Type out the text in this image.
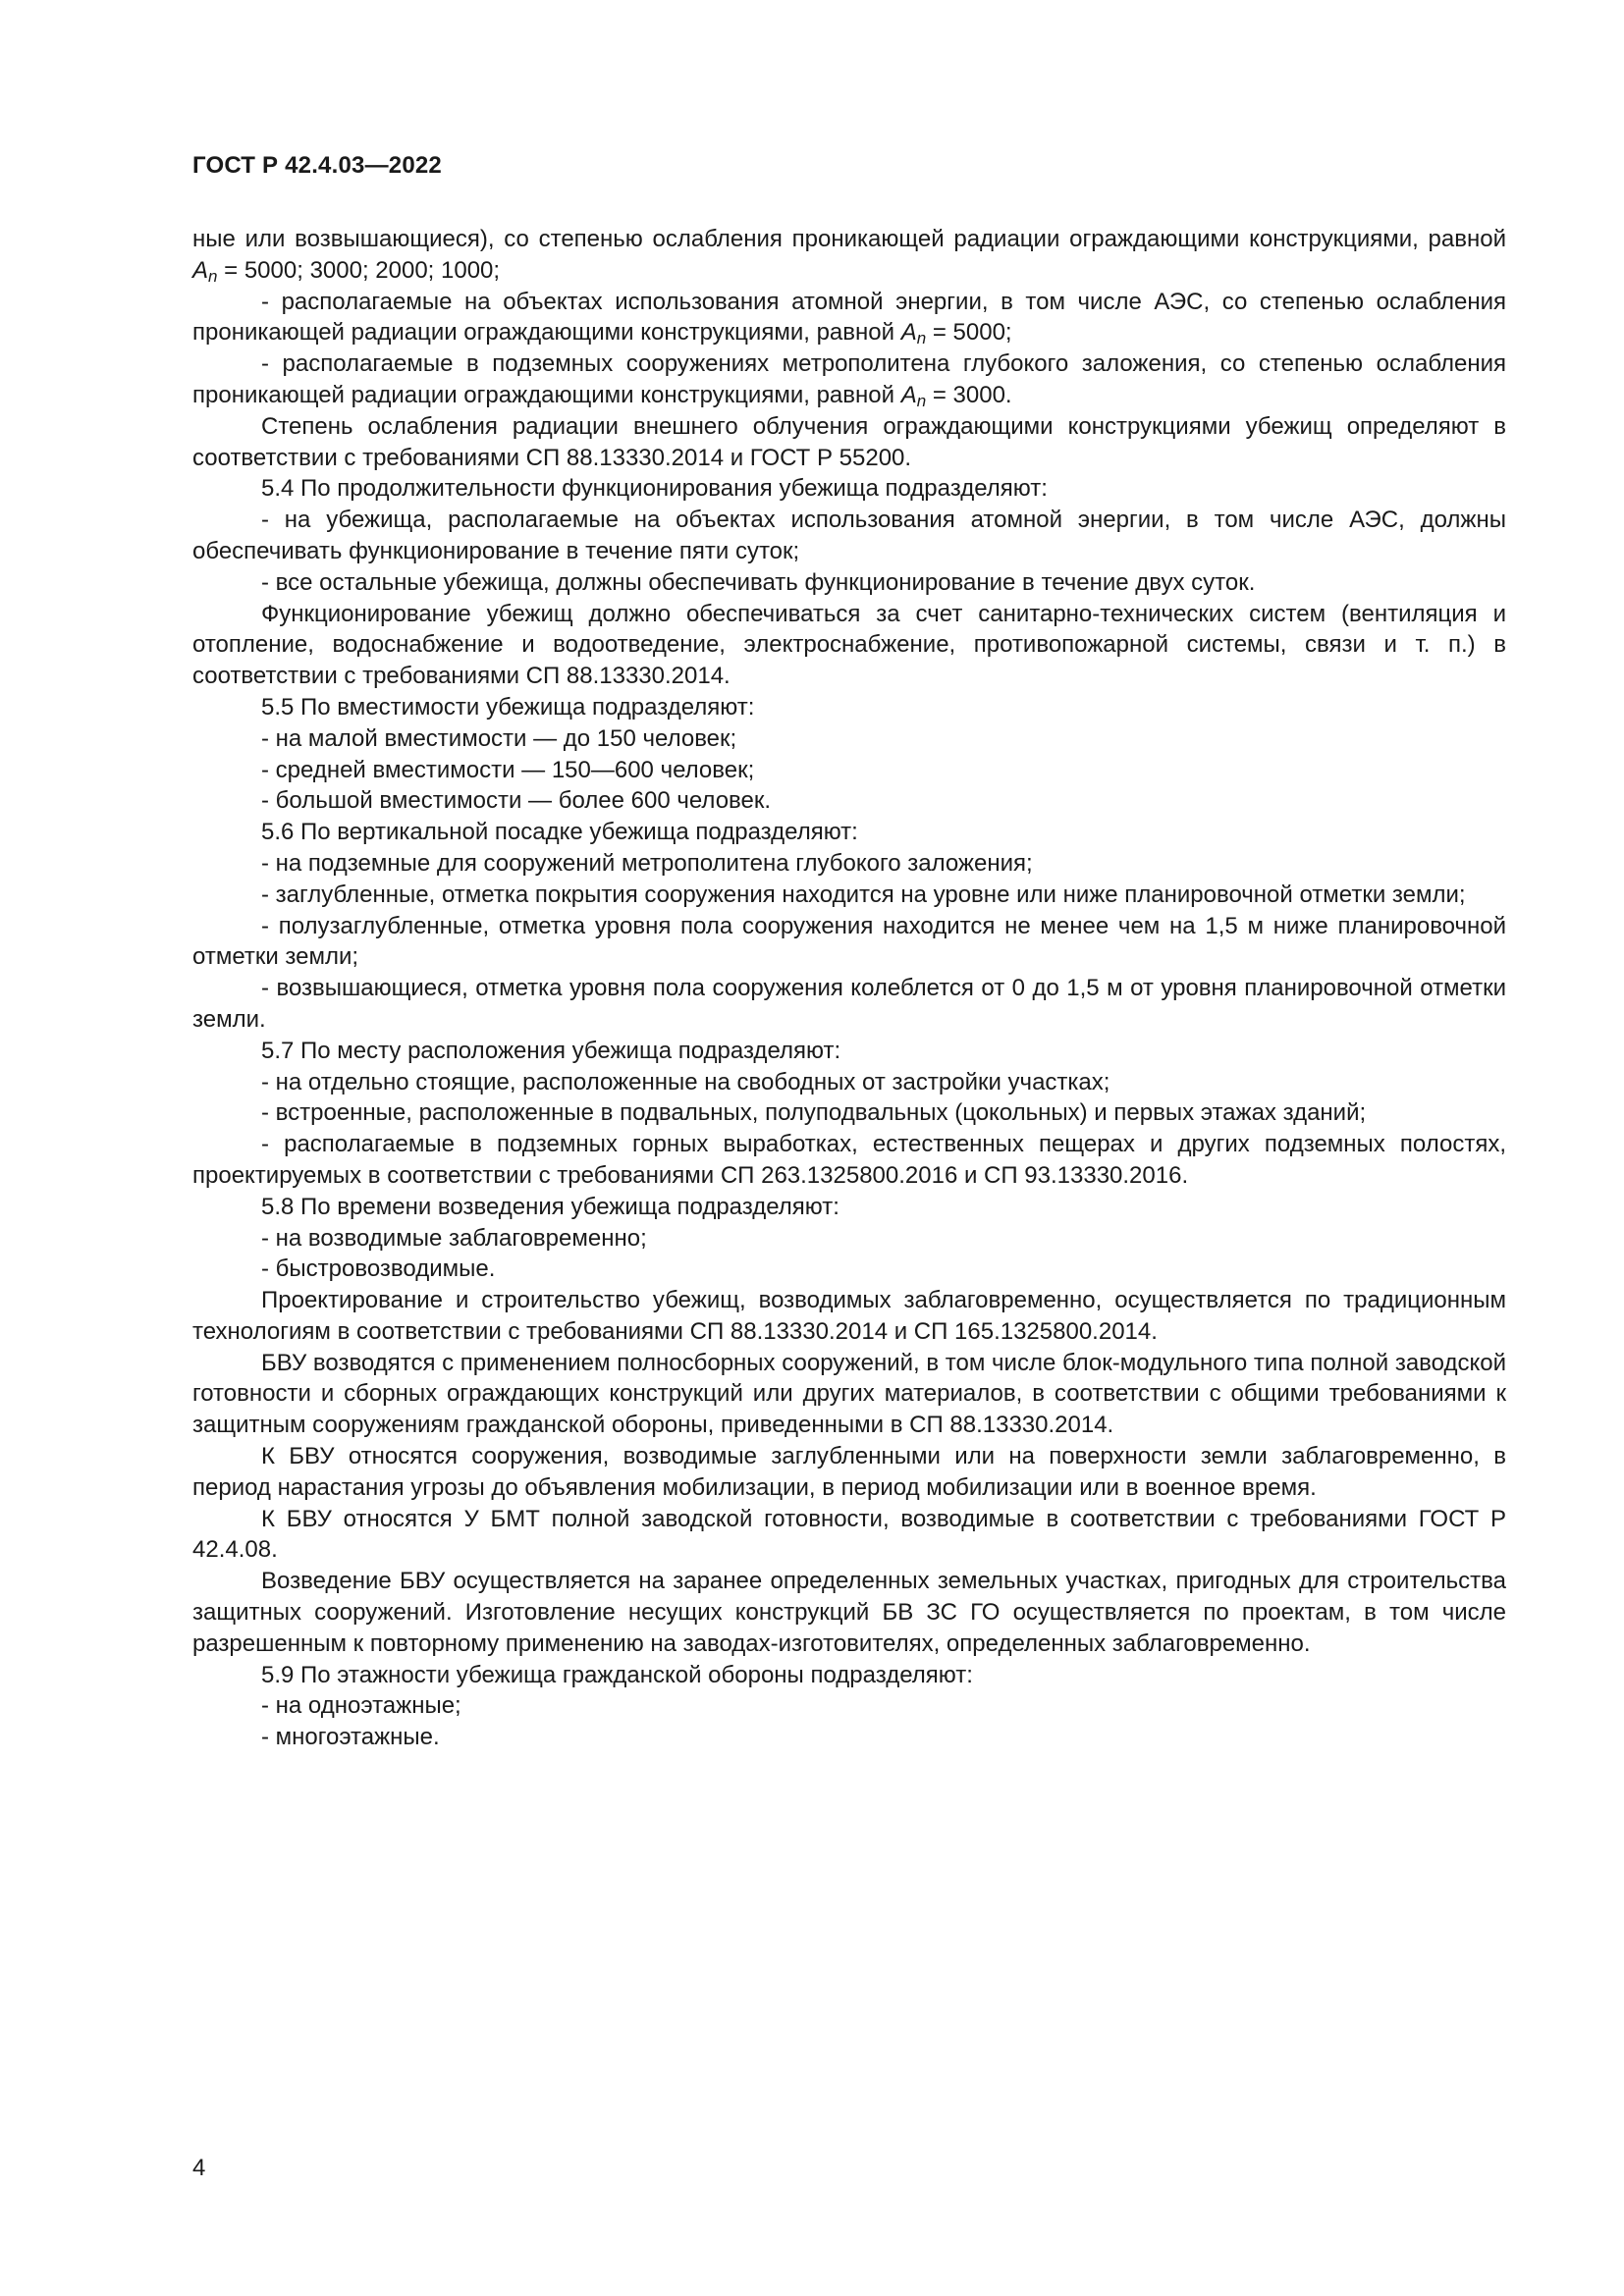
ГОСТ Р 42.4.03—2022

ные или возвышающиеся), со степенью ослабления проникающей радиации ограждающими конструкциями, равной $A_n = 5000$; 3000; 2000; 1000;

- располагаемые на объектах использования атомной энергии, в том числе АЭС, со степенью ослабления проникающей радиации ограждающими конструкциями, равной $A_n = 5000$;

- располагаемые в подземных сооружениях метрополитена глубокого заложения, со степенью ослабления проникающей радиации ограждающими конструкциями, равной $A_n = 3000$.

Степень ослабления радиации внешнего облучения ограждающими конструкциями убежищ определяют в соответствии с требованиями СП 88.13330.2014 и ГОСТ Р 55200.

5.4 По продолжительности функционирования убежища подразделяют:

- на убежища, располагаемые на объектах использования атомной энергии, в том числе АЭС, должны обеспечивать функционирование в течение пяти суток;

- все остальные убежища, должны обеспечивать функционирование в течение двух суток.

Функционирование убежищ должно обеспечиваться за счет санитарно-технических систем (вентиляция и отопление, водоснабжение и водоотведение, электроснабжение, противопожарной системы, связи и т. п.) в соответствии с требованиями СП 88.13330.2014.

5.5 По вместимости убежища подразделяют:

- на малой вместимости — до 150 человек;

- средней вместимости — 150—600 человек;

- большой вместимости — более 600 человек.

5.6 По вертикальной посадке убежища подразделяют:

- на подземные для сооружений метрополитена глубокого заложения;

- заглубленные, отметка покрытия сооружения находится на уровне или ниже планировочной отметки земли;

- полузаглубленные, отметка уровня пола сооружения находится не менее чем на 1,5 м ниже планировочной отметки земли;

- возвышающиеся, отметка уровня пола сооружения колеблется от 0 до 1,5 м от уровня планировочной отметки земли.

5.7 По месту расположения убежища подразделяют:

- на отдельно стоящие, расположенные на свободных от застройки участках;

- встроенные, расположенные в подвальных, полуподвальных (цокольных) и первых этажах зданий;

- располагаемые в подземных горных выработках, естественных пещерах и других подземных полостях, проектируемых в соответствии с требованиями СП 263.1325800.2016 и СП 93.13330.2016.

5.8 По времени возведения убежища подразделяют:

- на возводимые заблаговременно;

- быстровозводимые.

Проектирование и строительство убежищ, возводимых заблаговременно, осуществляется по традиционным технологиям в соответствии с требованиями СП 88.13330.2014 и СП 165.1325800.2014.

БВУ возводятся с применением полносборных сооружений, в том числе блок-модульного типа полной заводской готовности и сборных ограждающих конструкций или других материалов, в соответствии с общими требованиями к защитным сооружениям гражданской обороны, приведенными в СП 88.13330.2014.

К БВУ относятся сооружения, возводимые заглубленными или на поверхности земли заблаговременно, в период нарастания угрозы до объявления мобилизации, в период мобилизации или в военное время.

К БВУ относятся У БМТ полной заводской готовности, возводимые в соответствии с требованиями ГОСТ Р 42.4.08.

Возведение БВУ осуществляется на заранее определенных земельных участках, пригодных для строительства защитных сооружений. Изготовление несущих конструкций БВ ЗС ГО осуществляется по проектам, в том числе разрешенным к повторному применению на заводах-изготовителях, определенных заблаговременно.

5.9 По этажности убежища гражданской обороны подразделяют:

- на одноэтажные;

- многоэтажные.

4
